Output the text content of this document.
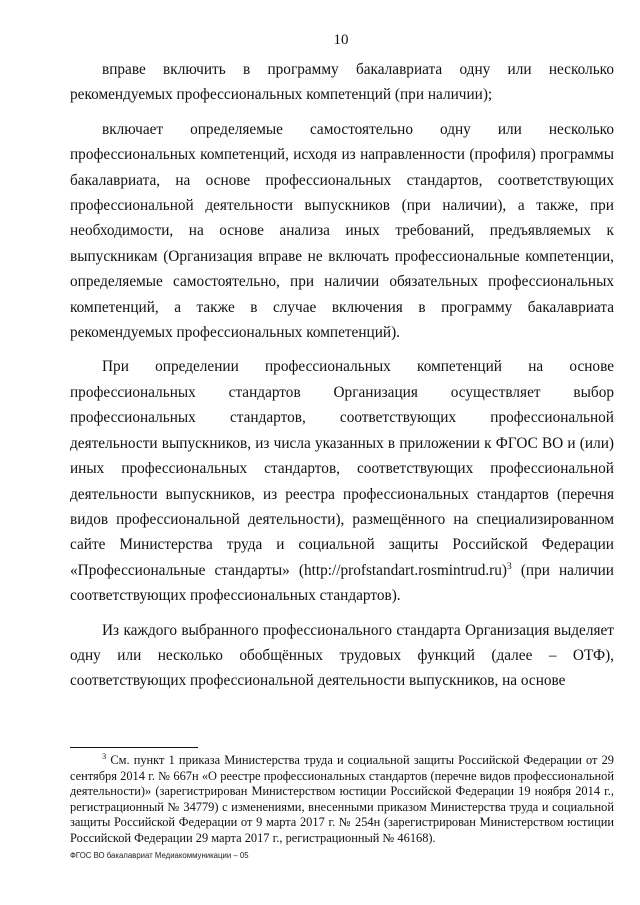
10

вправе включить в программу бакалавриата одну или несколько рекомендуемых профессиональных компетенций (при наличии);

включает определяемые самостоятельно одну или несколько профессиональных компетенций, исходя из направленности (профиля) программы бакалавриата, на основе профессиональных стандартов, соответствующих профессиональной деятельности выпускников (при наличии), а также, при необходимости, на основе анализа иных требований, предъявляемых к выпускникам (Организация вправе не включать профессиональные компетенции, определяемые самостоятельно, при наличии обязательных профессиональных компетенций, а также в случае включения в программу бакалавриата рекомендуемых профессиональных компетенций).

При определении профессиональных компетенций на основе профессиональных стандартов Организация осуществляет выбор профессиональных стандартов, соответствующих профессиональной деятельности выпускников, из числа указанных в приложении к ФГОС ВО и (или) иных профессиональных стандартов, соответствующих профессиональной деятельности выпускников, из реестра профессиональных стандартов (перечня видов профессиональной деятельности), размещённого на специализированном сайте Министерства труда и социальной защиты Российской Федерации «Профессиональные стандарты» (http://profstandart.rosmintrud.ru)$^3$ (при наличии соответствующих профессиональных стандартов).

Из каждого выбранного профессионального стандарта Организация выделяет одну или несколько обобщённых трудовых функций (далее – ОТФ), соответствующих профессиональной деятельности выпускников, на основе

$^3$ См. пункт 1 приказа Министерства труда и социальной защиты Российской Федерации от 29 сентября 2014 г. № 667н «О реестре профессиональных стандартов (перечне видов профессиональной деятельности)» (зарегистрирован Министерством юстиции Российской Федерации 19 ноября 2014 г., регистрационный № 34779) с изменениями, внесенными приказом Министерства труда и социальной защиты Российской Федерации от 9 марта 2017 г. № 254н (зарегистрирован Министерством юстиции Российской Федерации 29 марта 2017 г., регистрационный № 46168).

ФГОС ВО бакалавриат Медиакоммуникации – 05
